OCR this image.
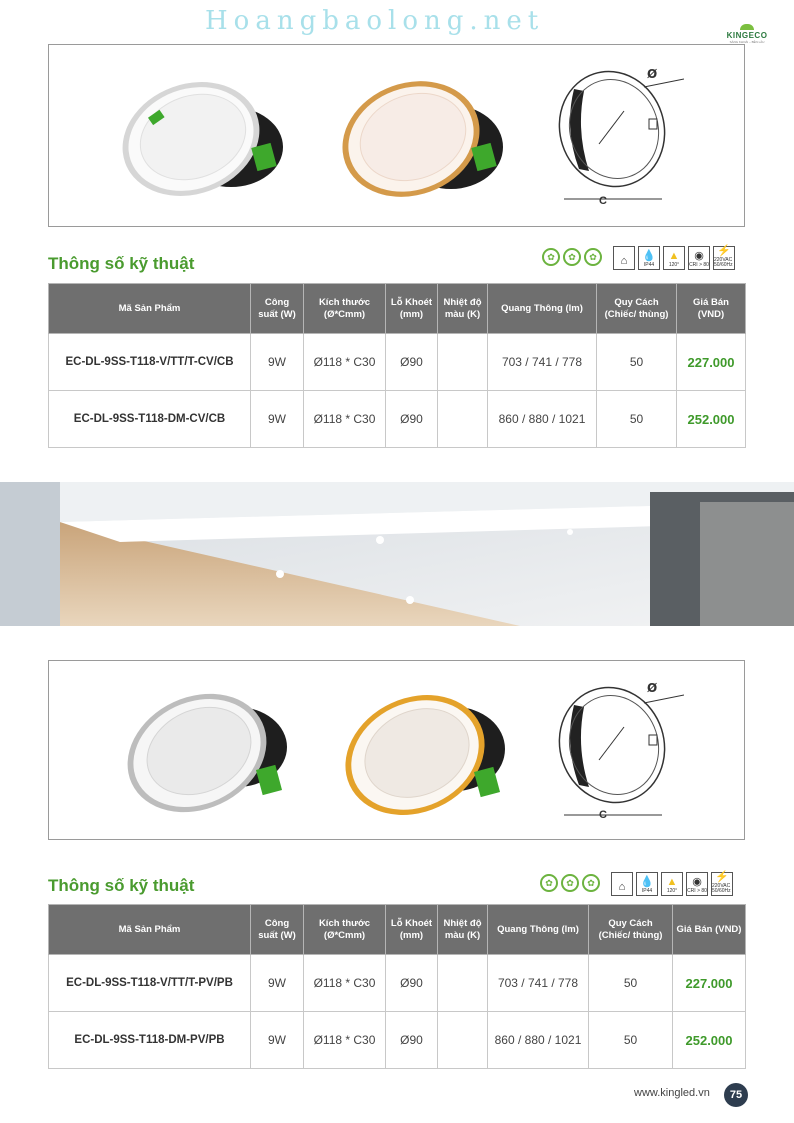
Hoangbaolong.net	KINGECO
SÁNG KHOÁI – BỀN LÂU
Ø
C
Thông số kỹ thuật	✿	✿	✿	⌂ 💧
IP44
▲
120°
◉
CRI > 80
⚡
220VAC 50/60Hz
Mã Sản Phẩm	Công suất (W)	Kích thước (Ø*Cmm)	Lỗ Khoét (mm)	Nhiệt độ màu (K)	Quang Thông (lm)	Quy Cách (Chiếc/ thùng)	Giá Bán (VND)
EC-DL-9SS-T118-V/TT/T-CV/CB	9W	Ø118 * C30	Ø90		703 / 741 / 778	50	227.000
EC-DL-9SS-T118-DM-CV/CB	9W	Ø118 * C30	Ø90		860 / 880 / 1021	50	252.000
Ø
C
Thông số kỹ thuật	✿	✿	✿	⌂ 💧
IP44
▲
120°
◉
CRI > 80
⚡
220VAC 50/60Hz
Mã Sản Phẩm	Công suất (W)	Kích thước (Ø*Cmm)	Lỗ Khoét (mm)	Nhiệt độ màu (K)	Quang Thông (lm)	Quy Cách (Chiếc/ thùng)	Giá Bán (VND)
EC-DL-9SS-T118-V/TT/T-PV/PB	9W	Ø118 * C30	Ø90		703 / 741 / 778	50	227.000
EC-DL-9SS-T118-DM-PV/PB	9W	Ø118 * C30	Ø90		860 / 880 / 1021	50	252.000
www.kingled.vn	75
